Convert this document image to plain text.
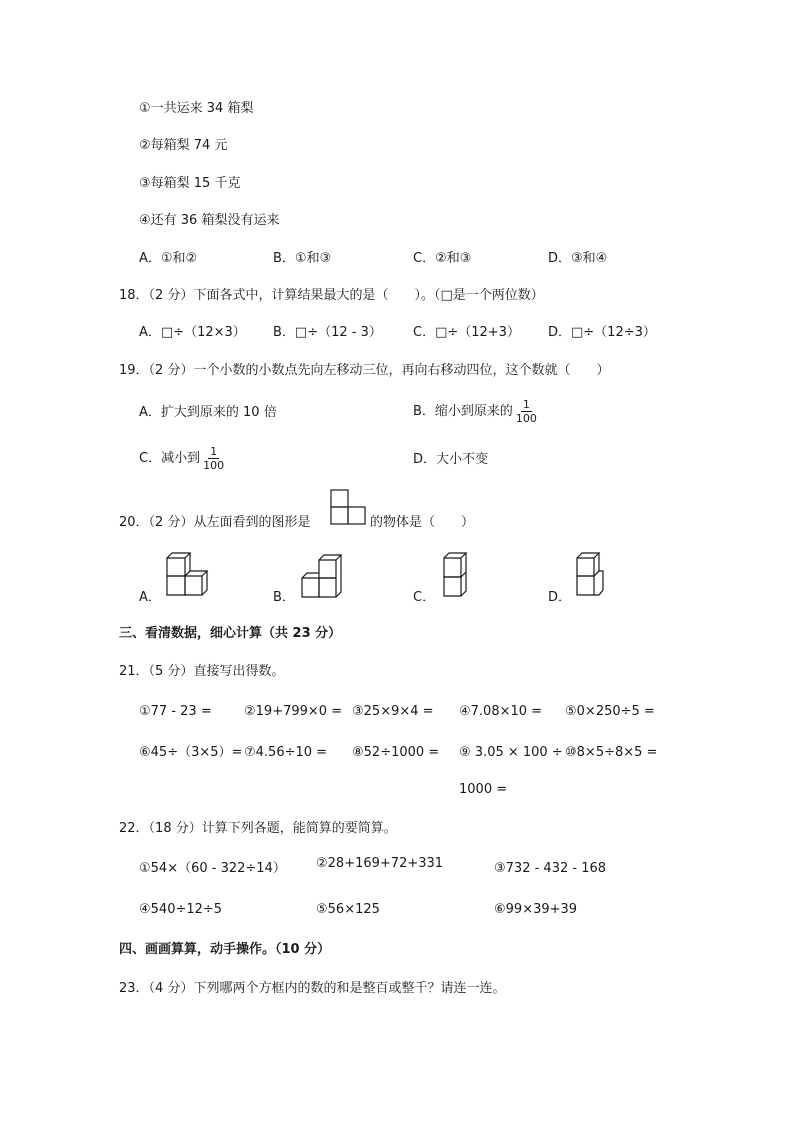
①一共运来 34 箱梨
②每箱梨 74 元
③每箱梨 15 千克
④还有 36 箱梨没有运来
A．①和②	B．①和③	C．②和③	D．③和④
18．（2 分）下面各式中，计算结果最大的是（　　）。（□是一个两位数）
A．□÷（12×3） B．□÷（12 - 3） C．□÷（12+3） D．□÷（12÷3）
19．（2 分）一个小数的小数点先向左移动三位，再向右移动四位，这个数就（　　）
A．扩大到原来的 10 倍	B．缩小到原来的 $\frac{1}{100}$
C．减小到 $\frac{1}{100}$	D．大小不变
20．（2 分）从左面看到的图形是	的物体是（　　）
A．	B．	C．	D．
三、看清数据，细心计算（共 23 分）
21．（5 分）直接写出得数。
①77 - 23 = ②19+799×0 = ③25×9×4 = ④7.08×10 = ⑤0×250÷5 =
⑥45÷（3×5）= ⑦4.56÷10 = ⑧52÷1000 = ⑨ 3.05 × 100 ÷ ⑩8×5÷8×5 =
1000 =
22．（18 分）计算下列各题，能简算的要简算。
①54×（60 - 322÷14） ②28+169+72+331	③732 - 432 - 168
④540÷12÷5	⑤56×125	⑥99×39+39
四、画画算算，动手操作。（10 分）
23．（4 分）下列哪两个方框内的数的和是整百或整千？请连一连。
